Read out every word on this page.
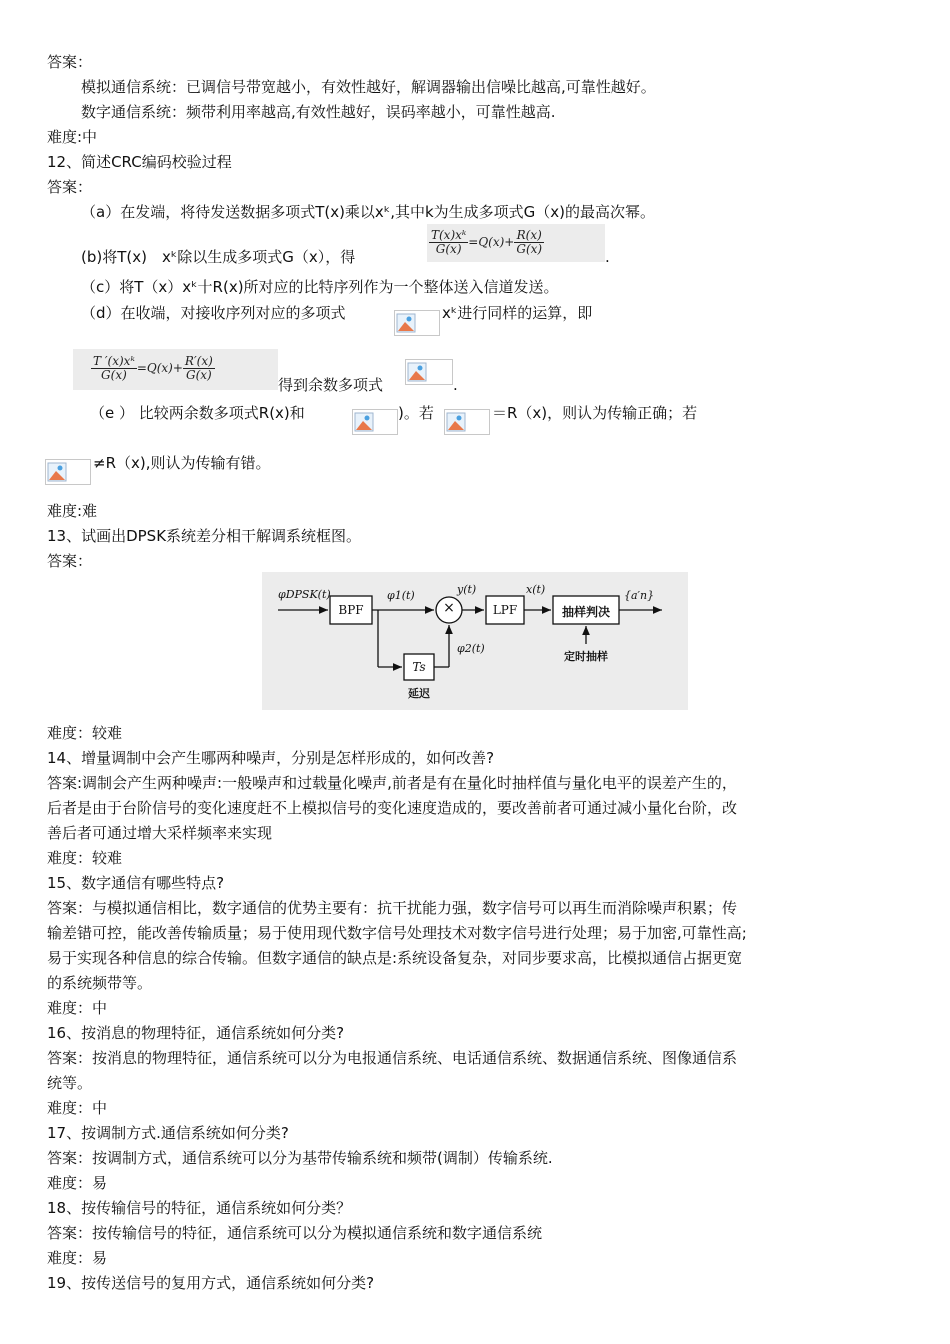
答案：
模拟通信系统：已调信号带宽越小，有效性越好，解调器输出信噪比越高,可靠性越好。
数字通信系统：频带利用率越高,有效性越好，误码率越小，可靠性越高.
难度:中
12、简述CRC编码校验过程
答案：
（a）在发端，将待发送数据多项式T(x)乘以xᵏ,其中k为生成多项式G（x)的最高次幂。
(b)将T(x)　xᵏ除以生成多项式G（x），得
$\frac{\text{T(x)xᵏ}}{G(x)} =Q(x)+ \frac{R(x)}{G(x)}$
.
（c）将T（x）xᵏ十R(x)所对应的比特序列作为一个整体送入信道发送。
（d）在收端，对接收序列对应的多项式	xᵏ进行同样的运算，即
$\frac{\text{T ′(x)xᵏ}}{G(x)} =Q(x)+ \frac{R'(x)}{G(x)}$
得到余数多项式	.
（e ） 比较两余数多项式R(x)和	)。若	＝R（x)，则认为传输正确；若
≠R（x),则认为传输有错。
难度:难
13、试画出DPSK系统差分相干解调系统框图。
答案：
φDPSK(t)
BPF
φ1(t)
×
y(t)
LPF
x(t)
抽样判决
{a′n}
Ts
延迟
φ2(t)
定时抽样
难度：较难
14、增量调制中会产生哪两种噪声，分别是怎样形成的，如何改善?
答案:调制会产生两种噪声:一般噪声和过载量化噪声,前者是有在量化时抽样值与量化电平的误差产生的，
后者是由于台阶信号的变化速度赶不上模拟信号的变化速度造成的，要改善前者可通过减小量化台阶，改
善后者可通过增大采样频率来实现
难度：较难
15、数字通信有哪些特点?
答案：与模拟通信相比，数字通信的优势主要有：抗干扰能力强，数字信号可以再生而消除噪声积累；传
输差错可控，能改善传输质量；易于使用现代数字信号处理技术对数字信号进行处理；易于加密,可靠性高;
易于实现各种信息的综合传输。但数字通信的缺点是:系统设备复杂，对同步要求高，比模拟通信占据更宽
的系统频带等。
难度：中
16、按消息的物理特征，通信系统如何分类?
答案：按消息的物理特征，通信系统可以分为电报通信系统、电话通信系统、数据通信系统、图像通信系
统等。
难度：中
17、按调制方式.通信系统如何分类?
答案：按调制方式，通信系统可以分为基带传输系统和频带(调制）传输系统.
难度：易
18、按传输信号的特征，通信系统如何分类？
答案：按传输信号的特征，通信系统可以分为模拟通信系统和数字通信系统
难度：易
19、按传送信号的复用方式，通信系统如何分类?
